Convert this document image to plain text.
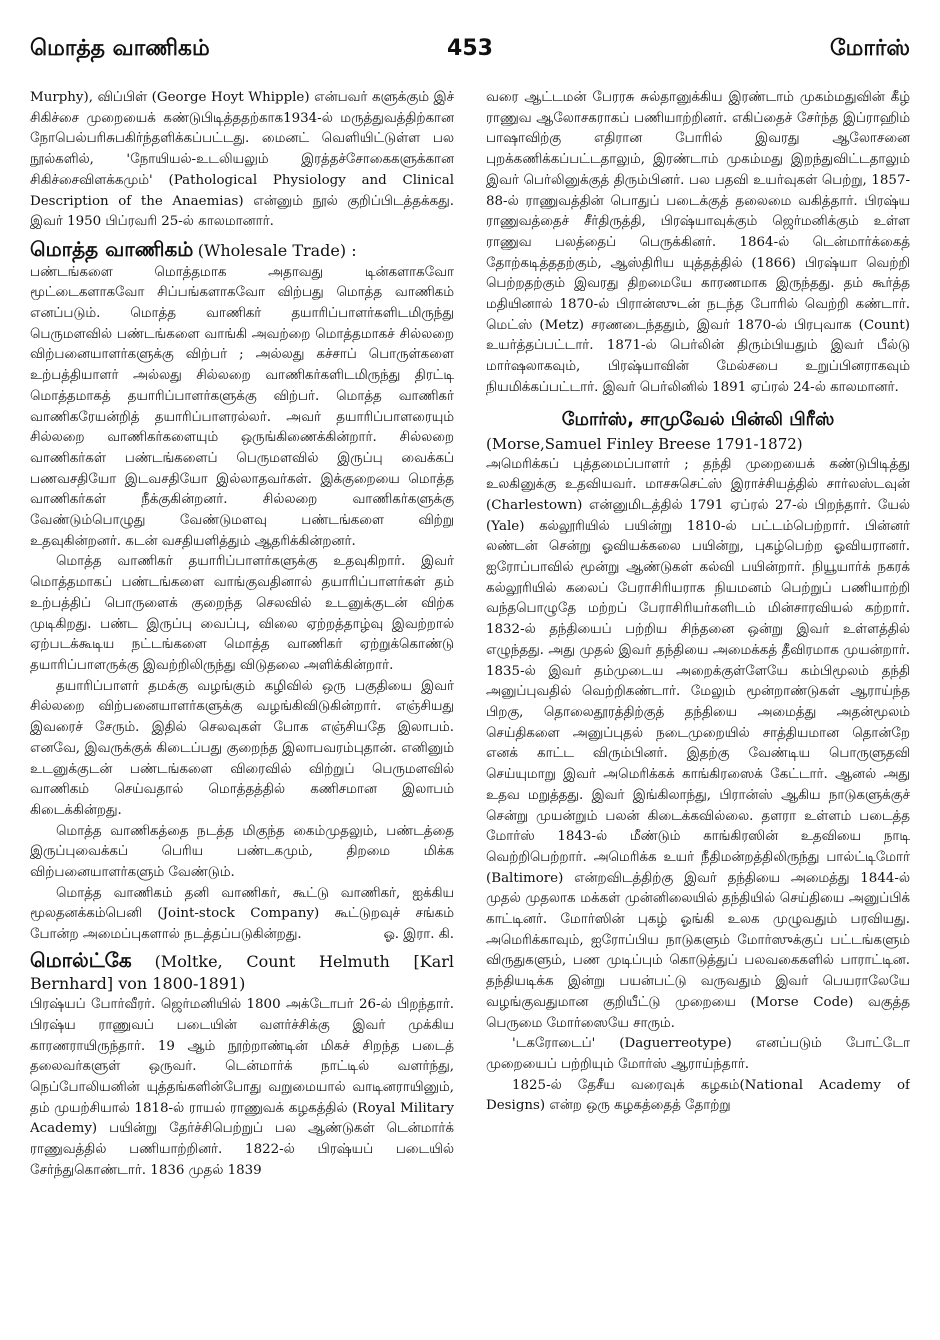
மொத்த வாணிகம்	453	மோர்ஸ்

Murphy), விப்பிள் (George Hoyt Whipple) என்பவர் களுக்கும் இச் சிகிச்சை முறையைக் கண்டுபிடித்ததற்காக1934-ல் மருத்துவத்திற்கான நோபெல்பரிசுபகிர்ந்தளிக்கப்பட்டது. மைனட் வெளியிட்டுள்ள பல நூல்களில், 'நோயியல்-உடலியலும் இரத்தச்சோகைகளுக்கான சிகிச்சைவிளக்கமும்' (Pathological Physiology and Clinical Description of the Anaemias) என்னும் நூல் குறிப்பிடத்தக்கது. இவர் 1950 பிப்ரவரி 25-ல் காலமானார்.

மொத்த வாணிகம் (Wholesale Trade) :

பண்டங்களை மொத்தமாக அதாவது டின்களாகவோ மூட்டைகளாகவோ சிப்பங்களாகவோ விற்பது மொத்த வாணிகம் எனப்படும். மொத்த வாணிகர் தயாரிப்பாளர்களிடமிருந்து பெருமளவில் பண்டங்களை வாங்கி அவற்றை மொத்தமாகச் சில்லறை விற்பனையாளர்களுக்கு விற்பர் ; அல்லது கச்சாப் பொருள்களை உற்பத்தியாளர் அல்லது சில்லறை வாணிகர்களிடமிருந்து திரட்டி மொத்தமாகத் தயாரிப்பாளர்களுக்கு விற்பர். மொத்த வாணிகர் வாணிகரேயன்றித் தயாரிப்பாளரல்லர். அவர் தயாரிப்பாளரையும் சில்லறை வாணிகர்களையும் ஒருங்கிணைக்கின்றார். சில்லறை வாணிகர்கள் பண்டங்களைப் பெருமளவில் இருப்பு வைக்கப் பணவசதியோ இடவசதியோ இல்லாதவர்கள். இக்குறையை மொத்த வாணிகர்கள் நீக்குகின்றனர். சில்லறை வாணிகர்களுக்கு வேண்டும்பொழுது வேண்டுமளவு பண்டங்களை விற்று உதவுகின்றனர். கடன் வசதியளித்தும் ஆதரிக்கின்றனர்.

மொத்த வாணிகர் தயாரிப்பாளர்களுக்கு உதவுகிறார். இவர் மொத்தமாகப் பண்டங்களை வாங்குவதினால் தயாரிப்பாளர்கள் தம் உற்பத்திப் பொருளைக் குறைந்த செலவில் உடனுக்குடன் விற்க முடிகிறது. பண்ட இருப்பு வைப்பு, விலை ஏற்றத்தாழ்வு இவற்றால் ஏற்படக்கூடிய நட்டங்களை மொத்த வாணிகர் ஏற்றுக்கொண்டு தயாரிப்பாளருக்கு இவற்றிலிருந்து விடுதலை அளிக்கின்றார்.

தயாரிப்பாளர் தமக்கு வழங்கும் கழிவில் ஒரு பகுதியை இவர் சில்லறை விற்பனையாளர்களுக்கு வழங்கிவிடுகின்றார். எஞ்சியது இவரைச் சேரும். இதில் செலவுகள் போக எஞ்சியதே இலாபம். எனவே, இவருக்குக் கிடைப்பது குறைந்த இலாபவரம்புதான். எனினும் உடனுக்குடன் பண்டங்களை விரைவில் விற்றுப் பெருமளவில் வாணிகம் செய்வதால் மொத்தத்தில் கணிசமான இலாபம் கிடைக்கின்றது.

மொத்த வாணிகத்தை நடத்த மிகுந்த கைம்முதலும், பண்டத்தை இருப்புவைக்கப் பெரிய பண்டகமும், திறமை மிக்க விற்பனையாளர்களும் வேண்டும்.

மொத்த வாணிகம் தனி வாணிகர், கூட்டு வாணிகர், ஐக்கிய மூலதனக்கம்பெனி (Joint-stock Company) கூட்டுறவுச் சங்கம் போன்ற அமைப்புகளால் நடத்தப்படுகின்றது.	ஓ. இரா. கி.

மொல்ட்கே (Moltke, Count Helmuth [Karl Bernhard] von 1800-1891)

பிரஷ்யப் போர்வீரர். ஜெர்மனியில் 1800 அக்டோபர் 26-ல் பிறந்தார். பிரஷ்ய ராணுவப் படையின் வளர்ச்சிக்கு இவர் முக்கிய காரணராயிருந்தார். 19 ஆம் நூற்றாண்டின் மிகச் சிறந்த படைத் தலைவர்களுள் ஒருவர். டென்மார்க் நாட்டில் வளர்ந்து, நெப்போலியனின் யுத்தங்களின்போது வறுமையால் வாடினராயினும், தம் முயற்சியால் 1818-ல் ராயல் ராணுவக் கழகத்தில் (Royal Military Academy) பயின்று தேர்ச்சிபெற்றுப் பல ஆண்டுகள் டென்மார்க் ராணுவத்தில் பணியாற்றினர். 1822-ல் பிரஷ்யப் படையில் சேர்ந்துகொண்டார். 1836 முதல் 1839

வரை ஆட்டமன் பேரரசு சுல்தானுக்கிய இரண்டாம் முகம்மதுவின் கீழ் ராணுவ ஆலோசகராகப் பணியாற்றினர். எகிப்தைச் சேர்ந்த இப்ராஹிம் பாஷாவிற்கு எதிரான போரில் இவரது ஆலோசனை புறக்கணிக்கப்பட்டதாலும், இரண்டாம் முகம்மது இறந்துவிட்டதாலும் இவர் பெர்லினுக்குத் திரும்பினர். பல பதவி உயர்வுகள் பெற்று, 1857-88-ல் ராணுவத்தின் பொதுப் படைக்குத் தலைமை வகித்தார். பிரஷ்ய ராணுவத்தைச் சீர்திருத்தி, பிரஷ்யாவுக்கும் ஜெர்மனிக்கும் உள்ள ராணுவ பலத்தைப் பெருக்கினர். 1864-ல் டென்மார்க்கைத் தோற்கடித்ததற்கும், ஆஸ்திரிய யுத்தத்தில் (1866) பிரஷ்யா வெற்றி பெற்றதற்கும் இவரது திறமையே காரணமாக இருந்தது. தம் கூர்த்த மதியினால் 1870-ல் பிரான்ஸுடன் நடந்த போரில் வெற்றி கண்டார். மெட்ஸ் (Metz) சரணடைந்ததும், இவர் 1870-ல் பிரபுவாக (Count) உயர்த்தப்பட்டார். 1871-ல் பெர்லின் திரும்பியதும் இவர் பீல்டு மார்ஷலாகவும், பிரஷ்யாவின் மேல்சபை உறுப்பினராகவும் நியமிக்கப்பட்டார். இவர் பெர்லினில் 1891 ஏப்ரல் 24-ல் காலமானர்.

மோர்ஸ், சாமுவேல் பின்லி பிரீஸ்

(Morse,Samuel Finley Breese 1791-1872)

அமெரிக்கப் புத்தமைப்பாளர் ; தந்தி முறையைக் கண்டுபிடித்து உலகினுக்கு உதவியவர். மாசசுசெட்ஸ் இராச்சியத்தில் சார்லஸ்டவுன் (Charlestown) என்னுமிடத்தில் 1791 ஏப்ரல் 27-ல் பிறந்தார். யேல் (Yale) கல்லூரியில் பயின்று 1810-ல் பட்டம்பெற்றார். பின்னர் லண்டன் சென்று ஓவியக்கலை பயின்று, புகழ்பெற்ற ஓவியரானர். ஐரோப்பாவில் மூன்று ஆண்டுகள் கல்வி பயின்றார். நியூயார்க் நகரக் கல்லூரியில் கலைப் பேராசிரியராக நியமனம் பெற்றுப் பணியாற்றி வந்தபொழுதே மற்றப் பேராசிரியர்களிடம் மின்சாரவியல் கற்றார். 1832-ல் தந்தியைப் பற்றிய சிந்தனை ஒன்று இவர் உள்ளத்தில் எழுந்தது. அது முதல் இவர் தந்தியை அமைக்கத் தீவிரமாக முயன்றார். 1835-ல் இவர் தம்முடைய அறைக்குள்ளேயே கம்பிமூலம் தந்தி அனுப்புவதில் வெற்றிகண்டார். மேலும் மூன்றாண்டுகள் ஆராய்ந்த பிறகு, தொலைதூரத்திற்குத் தந்தியை அமைத்து அதன்மூலம் செய்திகளை அனுப்புதல் நடைமுறையில் சாத்தியமான தொன்றே எனக் காட்ட விரும்பினர். இதற்கு வேண்டிய பொருளுதவி செய்யுமாறு இவர் அமெரிக்கக் காங்கிரஸைக் கேட்டார். ஆனல் அது உதவ மறுத்தது. இவர் இங்கிலாந்து, பிரான்ஸ் ஆகிய நாடுகளுக்குச் சென்று முயன்றும் பலன் கிடைக்கவில்லை. தளரா உள்ளம் படைத்த மோர்ஸ் 1843-ல் மீண்டும் காங்கிரஸின் உதவியை நாடி வெற்றிபெற்றார். அமெரிக்க உயர் நீதிமன்றத்திலிருந்து பால்ட்டிமோர் (Baltimore) என்றவிடத்திற்கு இவர் தந்தியை அமைத்து 1844-ல் முதல் முதலாக மக்கள் முன்னிலையில் தந்தியில் செய்தியை அனுப்பிக் காட்டினர். மோர்ஸின் புகழ் ஓங்கி உலக முழுவதும் பரவியது. அமெரிக்காவும், ஐரோப்பிய நாடுகளும் மோர்ஸுக்குப் பட்டங்களும் விருதுகளும், பண முடிப்பும் கொடுத்துப் பலவகைகளில் பாராட்டின. தந்தியடிக்க இன்று பயன்பட்டு வருவதும் இவர் பெயராலேயே வழங்குவதுமான குறியீட்டு முறையை (Morse Code) வகுத்த பெருமை மோர்ஸையே சாரும்.

'டகரோடைப்' (Daguerreotype) எனப்படும் போட்டோ முறையைப் பற்றியும் மோர்ஸ் ஆராய்ந்தார்.

1825-ல் தேசீய வரைவுக் கழகம்(National Academy of Designs) என்ற ஒரு கழகத்தைத் தோற்று
